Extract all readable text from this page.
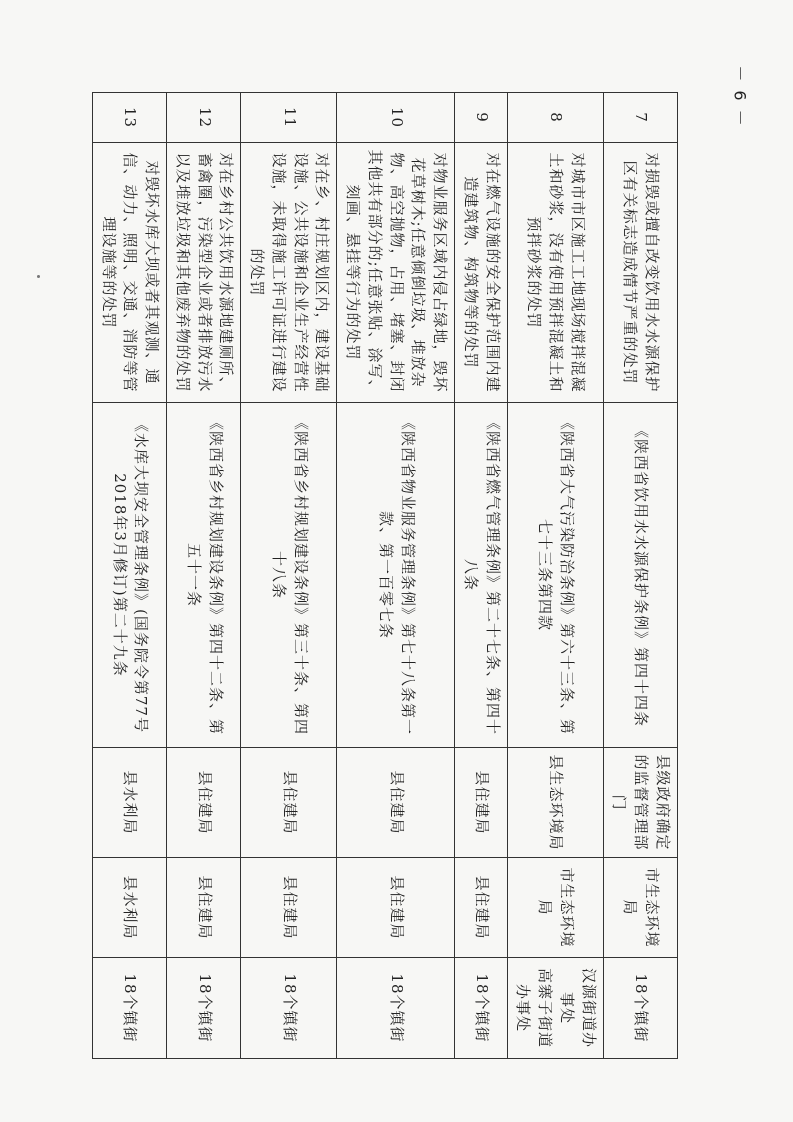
7	对损毁或擅自改变饮用水水源保护区有关标志造成情节严重的处罚	《陕西省饮用水水源保护条例》第四十四条	县级政府确定的监督管理部门	市生态环境局	18个镇街
8	对城市市区施工工地现场搅拌混凝土和砂浆，没有使用预拌混凝土和预拌砂浆的处罚	《陕西省大气污染防治条例》第六十三条、第七十三条第四款	县生态环境局	市生态环境局	汉源街道办事处
高寨子街道办事处
9	对在燃气设施的安全保护范围内建造建筑物、构筑物等的处罚	《陕西省燃气管理条例》第二十七条、第四十八条	县住建局	县住建局	18个镇街
10	对物业服务区域内侵占绿地，毁坏花草树木;任意倾倒垃圾、堆放杂物、高空抛物，占用、堵塞、封闭其他共有部分的;任意张贴、涂写、刻画、悬挂等行为的处罚	《陕西省物业服务管理条例》第七十八条第一款、第一百零七条	县住建局	县住建局	18个镇街
11	对在乡、村庄规划区内，建设基础设施、公共设施和企业生产经营性设施，未取得施工许可证进行建设的处罚	《陕西省乡村规划建设条例》第三十条、第四十八条	县住建局	县住建局	18个镇街
12	对在乡村公共饮用水源地建厕所、畜禽圈，污染型企业或者排放污水以及堆放垃圾和其他废弃物的处罚	《陕西省乡村规划建设条例》第四十二条、第五十一条	县住建局	县住建局	18个镇街
13	对毁坏水库大坝或者其观测、通信、动力、照明、交通、消防等管理设施等的处罚	《水库大坝安全管理条例》(国务院令第77号2018年3月修订)第二十九条	县水利局	县水利局	18个镇街
－ 6 －
